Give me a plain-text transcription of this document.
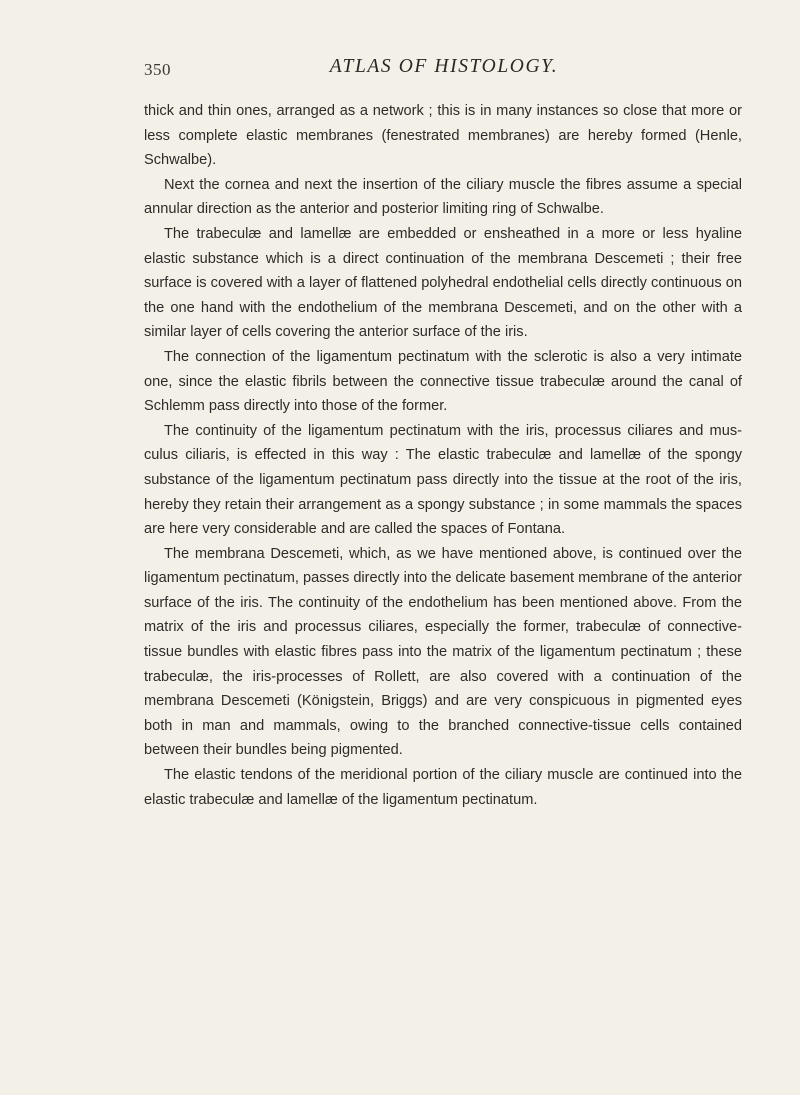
350	ATLAS OF HISTOLOGY.

thick and thin ones, arranged as a network ; this is in many instances so close that more or less complete elastic membranes (fenestrated membranes) are hereby formed (Henle, Schwalbe).

Next the cornea and next the insertion of the ciliary muscle the fibres assume a special annular direction as the anterior and posterior limiting ring of Schwalbe.

The trabeculæ and lamellæ are embedded or ensheathed in a more or less hyaline elastic substance which is a direct continuation of the membrana Descemeti ; their free surface is covered with a layer of flattened polyhedral endothelial cells directly continuous on the one hand with the endothelium of the membrana Descemeti, and on the other with a similar layer of cells covering the anterior surface of the iris.

The connection of the ligamentum pectinatum with the sclerotic is also a very intimate one, since the elastic fibrils between the connective tissue trabeculæ around the canal of Schlemm pass directly into those of the former.

The continuity of the ligamentum pectinatum with the iris, processus ciliares and musculus ciliaris, is effected in this way : The elastic trabeculæ and lamellæ of the spongy substance of the ligamentum pectinatum pass directly into the tissue at the root of the iris, hereby they retain their arrangement as a spongy substance ; in some mammals the spaces are here very considerable and are called the spaces of Fontana.

The membrana Descemeti, which, as we have mentioned above, is continued over the ligamentum pectinatum, passes directly into the delicate basement membrane of the anterior surface of the iris. The continuity of the endothelium has been mentioned above. From the matrix of the iris and processus ciliares, especially the former, trabeculæ of connective-tissue bundles with elastic fibres pass into the matrix of the ligamentum pectinatum ; these trabeculæ, the iris-processes of Rollett, are also covered with a continuation of the membrana Descemeti (Königstein, Briggs) and are very conspicuous in pigmented eyes both in man and mammals, owing to the branched connective-tissue cells contained between their bundles being pigmented.

The elastic tendons of the meridional portion of the ciliary muscle are continued into the elastic trabeculæ and lamellæ of the ligamentum pectinatum.
